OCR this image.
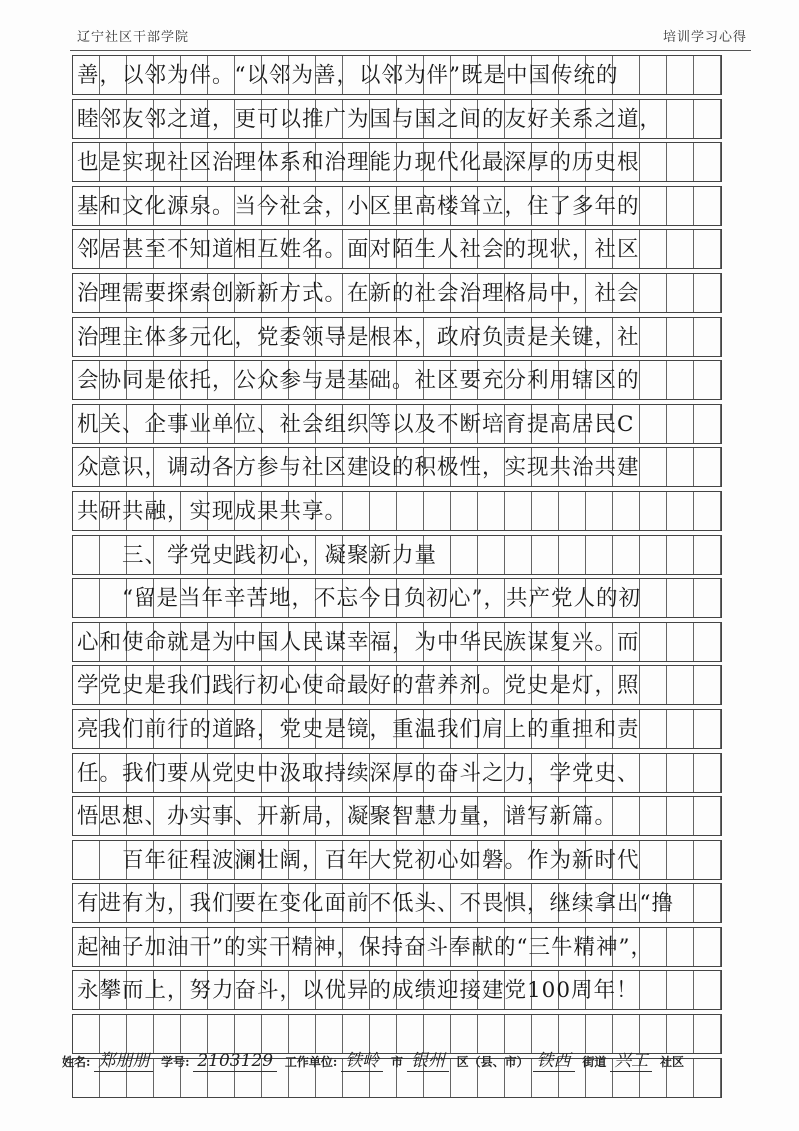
辽宁社区干部学院	培训学习心得
善，以邻为伴。“以邻为善，以邻为伴”既是中国传统的
睦邻友邻之道，更可以推广为国与国之间的友好关系之道，
也是实现社区治理体系和治理能力现代化最深厚的历史根
基和文化源泉。当今社会，小区里高楼耸立，住了多年的
邻居甚至不知道相互姓名。面对陌生人社会的现状，社区
治理需要探索创新新方式。在新的社会治理格局中，社会
治理主体多元化，党委领导是根本，政府负责是关键，社
会协同是依托，公众参与是基础。社区要充分利用辖区的
机关、企事业单位、社会组织等以及不断培育提高居民C
众意识，调动各方参与社区建设的积极性，实现共治共建
共研共融，实现成果共享。
　　三、学党史践初心，凝聚新力量
　　“留是当年辛苦地，不忘今日负初心”，共产党人的初
心和使命就是为中国人民谋幸福，为中华民族谋复兴。而
学党史是我们践行初心使命最好的营养剂。党史是灯，照
亮我们前行的道路，党史是镜，重温我们肩上的重担和责
任。我们要从党史中汲取持续深厚的奋斗之力，学党史、
悟思想、办实事、开新局，凝聚智慧力量，谱写新篇。
　　百年征程波澜壮阔，百年大党初心如磐。作为新时代
有进有为，我们要在变化面前不低头、不畏惧，继续拿出“撸
起袖子加油干”的实干精神，保持奋斗奉献的“三牛精神”，
永攀而上，努力奋斗，以优异的成绩迎接建党100周年！
姓名: 郑朋朋 学号: 2103129 工作单位: 铁岭 市 银州 区（县、市） 铁西 街道 兴工 社区
